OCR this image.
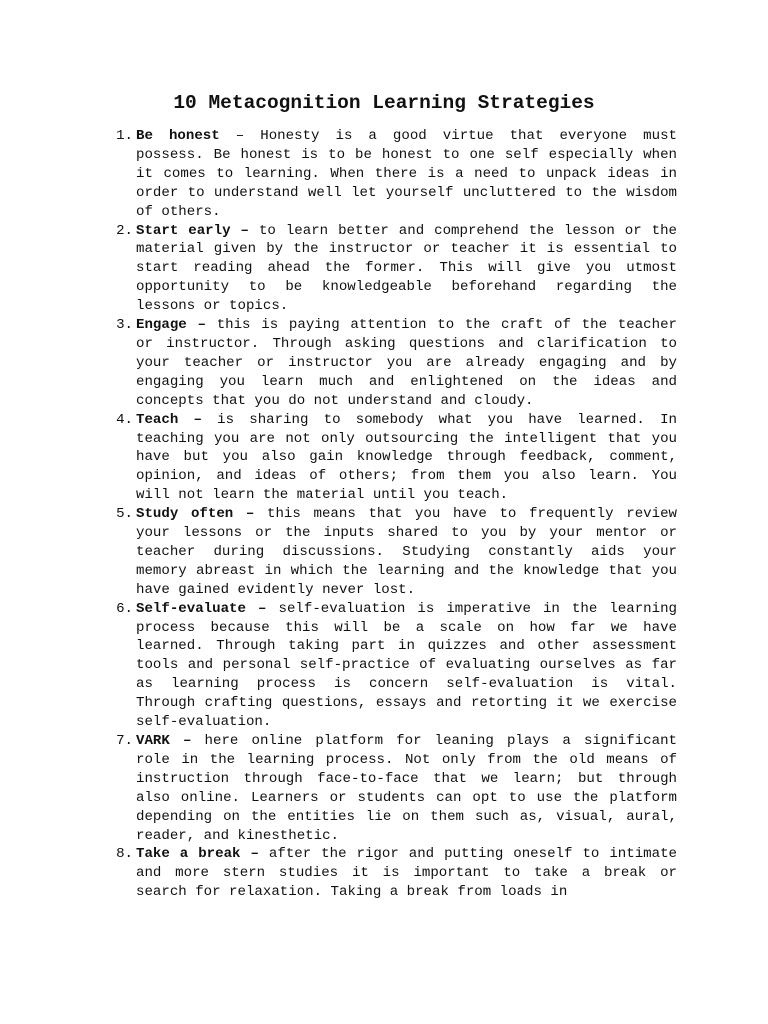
10 Metacognition Learning Strategies
1. Be honest – Honesty is a good virtue that everyone must possess. Be honest is to be honest to one self especially when it comes to learning. When there is a need to unpack ideas in order to understand well let yourself uncluttered to the wisdom of others.
2. Start early – to learn better and comprehend the lesson or the material given by the instructor or teacher it is essential to start reading ahead the former. This will give you utmost opportunity to be knowledgeable beforehand regarding the lessons or topics.
3. Engage – this is paying attention to the craft of the teacher or instructor. Through asking questions and clarification to your teacher or instructor you are already engaging and by engaging you learn much and enlightened on the ideas and concepts that you do not understand and cloudy.
4. Teach – is sharing to somebody what you have learned. In teaching you are not only outsourcing the intelligent that you have but you also gain knowledge through feedback, comment, opinion, and ideas of others; from them you also learn. You will not learn the material until you teach.
5. Study often – this means that you have to frequently review your lessons or the inputs shared to you by your mentor or teacher during discussions. Studying constantly aids your memory abreast in which the learning and the knowledge that you have gained evidently never lost.
6. Self-evaluate – self-evaluation is imperative in the learning process because this will be a scale on how far we have learned. Through taking part in quizzes and other assessment tools and personal self-practice of evaluating ourselves as far as learning process is concern self-evaluation is vital. Through crafting questions, essays and retorting it we exercise self-evaluation.
7. VARK – here online platform for leaning plays a significant role in the learning process. Not only from the old means of instruction through face-to-face that we learn; but through also online. Learners or students can opt to use the platform depending on the entities lie on them such as, visual, aural, reader, and kinesthetic.
8. Take a break – after the rigor and putting oneself to intimate and more stern studies it is important to take a break or search for relaxation. Taking a break from loads in
